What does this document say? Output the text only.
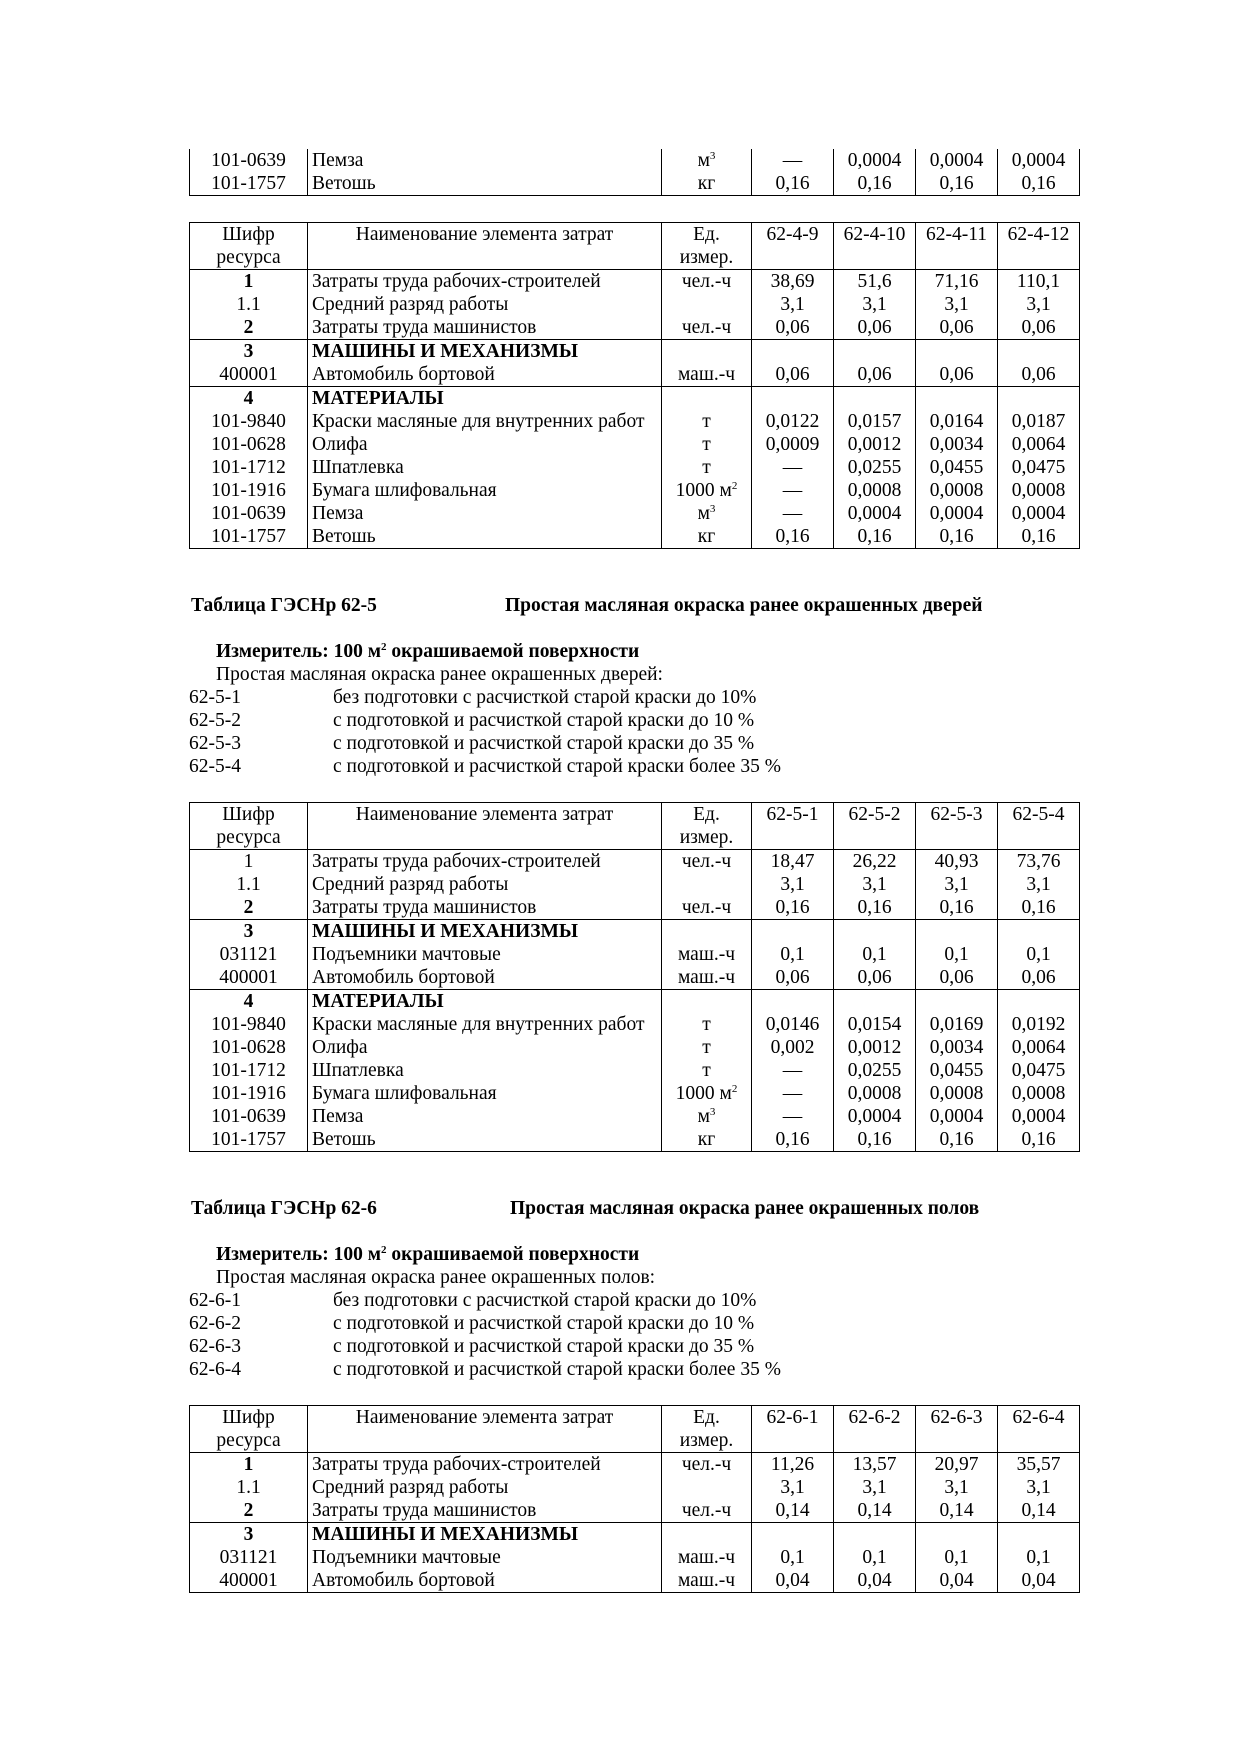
101-0639	Пемза	$м^3$	—	0,0004	0,0004	0,0004
101-1757	Ветошь	кг	0,16	0,16	0,16	0,16
Шифр ресурса	Наименование элемента затрат	Ед. измер.	62-4-9	62-4-10	62-4-11	62-4-12
1	Затраты труда рабочих-строителей	чел.-ч	38,69	51,6	71,16	110,1
1.1	Средний разряд работы		3,1	3,1	3,1	3,1
2	Затраты труда машинистов	чел.-ч	0,06	0,06	0,06	0,06
3	МАШИНЫ И МЕХАНИЗМЫ					
400001	Автомобиль бортовой	маш.-ч	0,06	0,06	0,06	0,06
4	МАТЕРИАЛЫ					
101-9840	Краски масляные для внутренних работ	т	0,0122	0,0157	0,0164	0,0187
101-0628	Олифа	т	0,0009	0,0012	0,0034	0,0064
101-1712	Шпатлевка	т	—	0,0255	0,0455	0,0475
101-1916	Бумага шлифовальная	1000 $м^2$	—	0,0008	0,0008	0,0008
101-0639	Пемза	$м^3$	—	0,0004	0,0004	0,0004
101-1757	Ветошь	кг	0,16	0,16	0,16	0,16
Таблица ГЭСНр 62-5	Простая масляная окраска ранее окрашенных дверей
Измеритель: 100 $м^2$ окрашиваемой поверхности
Простая масляная окраска ранее окрашенных дверей:
62-5-1	без подготовки с расчисткой старой краски до 10%
62-5-2	с подготовкой и расчисткой старой краски до 10 %
62-5-3	с подготовкой и расчисткой старой краски до 35 %
62-5-4	с подготовкой и расчисткой старой краски более 35 %
Шифр ресурса	Наименование элемента затрат	Ед. измер.	62-5-1	62-5-2	62-5-3	62-5-4
1	Затраты труда рабочих-строителей	чел.-ч	18,47	26,22	40,93	73,76
1.1	Средний разряд работы		3,1	3,1	3,1	3,1
2	Затраты труда машинистов	чел.-ч	0,16	0,16	0,16	0,16
3	МАШИНЫ И МЕХАНИЗМЫ					
031121	Подъемники мачтовые	маш.-ч	0,1	0,1	0,1	0,1
400001	Автомобиль бортовой	маш.-ч	0,06	0,06	0,06	0,06
4	МАТЕРИАЛЫ					
101-9840	Краски масляные для внутренних работ	т	0,0146	0,0154	0,0169	0,0192
101-0628	Олифа	т	0,002	0,0012	0,0034	0,0064
101-1712	Шпатлевка	т	—	0,0255	0,0455	0,0475
101-1916	Бумага шлифовальная	1000 $м^2$	—	0,0008	0,0008	0,0008
101-0639	Пемза	$м^3$	—	0,0004	0,0004	0,0004
101-1757	Ветошь	кг	0,16	0,16	0,16	0,16
Таблица ГЭСНр 62-6	Простая масляная окраска ранее окрашенных полов
Измеритель: 100 $м^2$ окрашиваемой поверхности
Простая масляная окраска ранее окрашенных полов:
62-6-1	без подготовки с расчисткой старой краски до 10%
62-6-2	с подготовкой и расчисткой старой краски до 10 %
62-6-3	с подготовкой и расчисткой старой краски до 35 %
62-6-4	с подготовкой и расчисткой старой краски более 35 %
Шифр ресурса	Наименование элемента затрат	Ед. измер.	62-6-1	62-6-2	62-6-3	62-6-4
1	Затраты труда рабочих-строителей	чел.-ч	11,26	13,57	20,97	35,57
1.1	Средний разряд работы		3,1	3,1	3,1	3,1
2	Затраты труда машинистов	чел.-ч	0,14	0,14	0,14	0,14
3	МАШИНЫ И МЕХАНИЗМЫ					
031121	Подъемники мачтовые	маш.-ч	0,1	0,1	0,1	0,1
400001	Автомобиль бортовой	маш.-ч	0,04	0,04	0,04	0,04
